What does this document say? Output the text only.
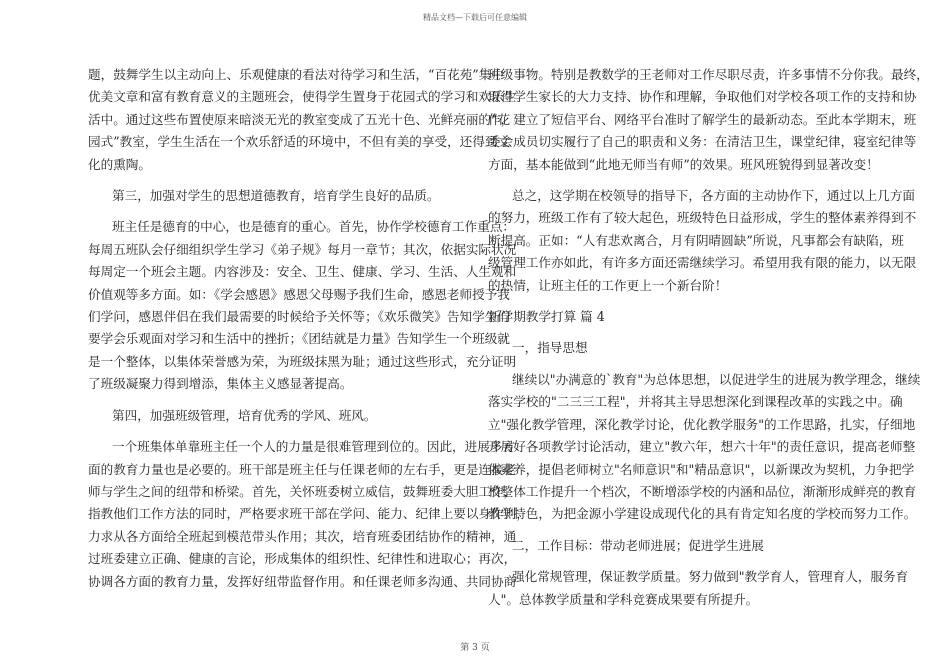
精品文档—下载后可任意编辑

题，鼓舞学生以主动向上、乐观健康的看法对待学习和生活，“百花苑”集中

优美文章和富有教育意义的主题班会，使得学生置身于花园式的学习和欢乐生

活中。通过这些布置使原来暗淡无光的教室变成了五光十色、光鲜亮丽的“花

园式”教室，学生生活在一个欢乐舒适的环境中，不但有美的享受，还得到文

化的熏陶。

第三，加强对学生的思想道德教育，培育学生良好的品质。

班主任是德育的中心，也是德育的重心。首先，协作学校德育工作重点：

每周五班队会仔细组织学生学习《弟子规》每月一章节；其次，依据实际状况

每周定一个班会主题。内容涉及：安全、卫生、健康、学习、生活、人生观和

价值观等多方面。如：《学会感恩》感恩父母赐予我们生命，感恩老师授予我

们学问，感恩伴侣在我们最需要的时候给予关怀等；《欢乐微笑》告知学生们

要学会乐观面对学习和生活中的挫折；《团结就是力量》告知学生一个班级就

是一个整体，以集体荣誉感为荣，为班级抹黑为耻；通过这些形式，充分证明

了班级凝聚力得到增添，集体主义感显著提高。

第四，加强班级管理，培育优秀的学风、班风。

一个班集体单靠班主任一个人的力量是很难管理到位的。因此，进展多方

面的教育力量也是必要的。班干部是班主任与任课老师的左右手，更是连接老

师与学生之间的纽带和桥梁。首先，关怀班委树立威信，鼓舞班委大胆工作，

指教他们工作方法的同时，严格要求班干部在学问、能力、纪律上要以身作则，

力求从各方面给全班起到模范带头作用；其次，培育班委团结协作的精神，通

过班委建立正确、健康的言论，形成集体的组织性、纪律性和进取心；再次，

协调各方面的教育力量，发挥好纽带监督作用。和任课老师多沟通、共同协商

班级事物。特别是教数学的王老师对工作尽职尽责，许多事情不分你我。最终，

取得学生家长的大力支持、协作和理解，争取他们对学校各项工作的支持和协

作，建立了短信平台、网络平台准时了解学生的最新动态。至此本学期末，班

委会成员切实履行了自己的职责和义务：在清洁卫生，课堂纪律，寝室纪律等

方面，基本能做到“此地无师当有师”的效果。班风班貌得到显著改变！

总之，这学期在校领导的指导下，各方面的主动协作下，通过以上几方面

的努力，班级工作有了较大起色，班级特色日益形成，学生的整体素养得到不

断提高。正如：“人有悲欢离合，月有阴晴圆缺”所说，凡事都会有缺陷，班

级管理工作亦如此，有许多方面还需继续学习。希望用我有限的能力，以无限

的热情，让班主任的工作更上一个新台阶！

新学期教学打算 篇 4

一，指导思想

继续以"办满意的`教育"为总体思想，以促进学生的进展为教学理念，继续

落实学校的"二三三工程"，并将其主导思想深化到课程改革的实践之中。确

立"强化教学管理，深化教学讨论，优化教学服务"的工作思路，扎实，仔细地

开展好各项教学讨论活动，建立"教六年，想六十年"的责任意识，提高老师整

体素养，提倡老师树立"名师意识"和"精品意识"，以新课改为契机，力争把学

校整体工作提升一个档次，不断增添学校的内涵和品位，渐渐形成鲜亮的教育

教学特色，为把金源小学建设成现代化的具有肯定知名度的学校而努力工作。

二，工作目标：带动老师进展；促进学生进展

强化常规管理，保证教学质量。努力做到"教学育人，管理育人，服务育

人"。总体教学质量和学科竞赛成果要有所提升。

第 3 页
